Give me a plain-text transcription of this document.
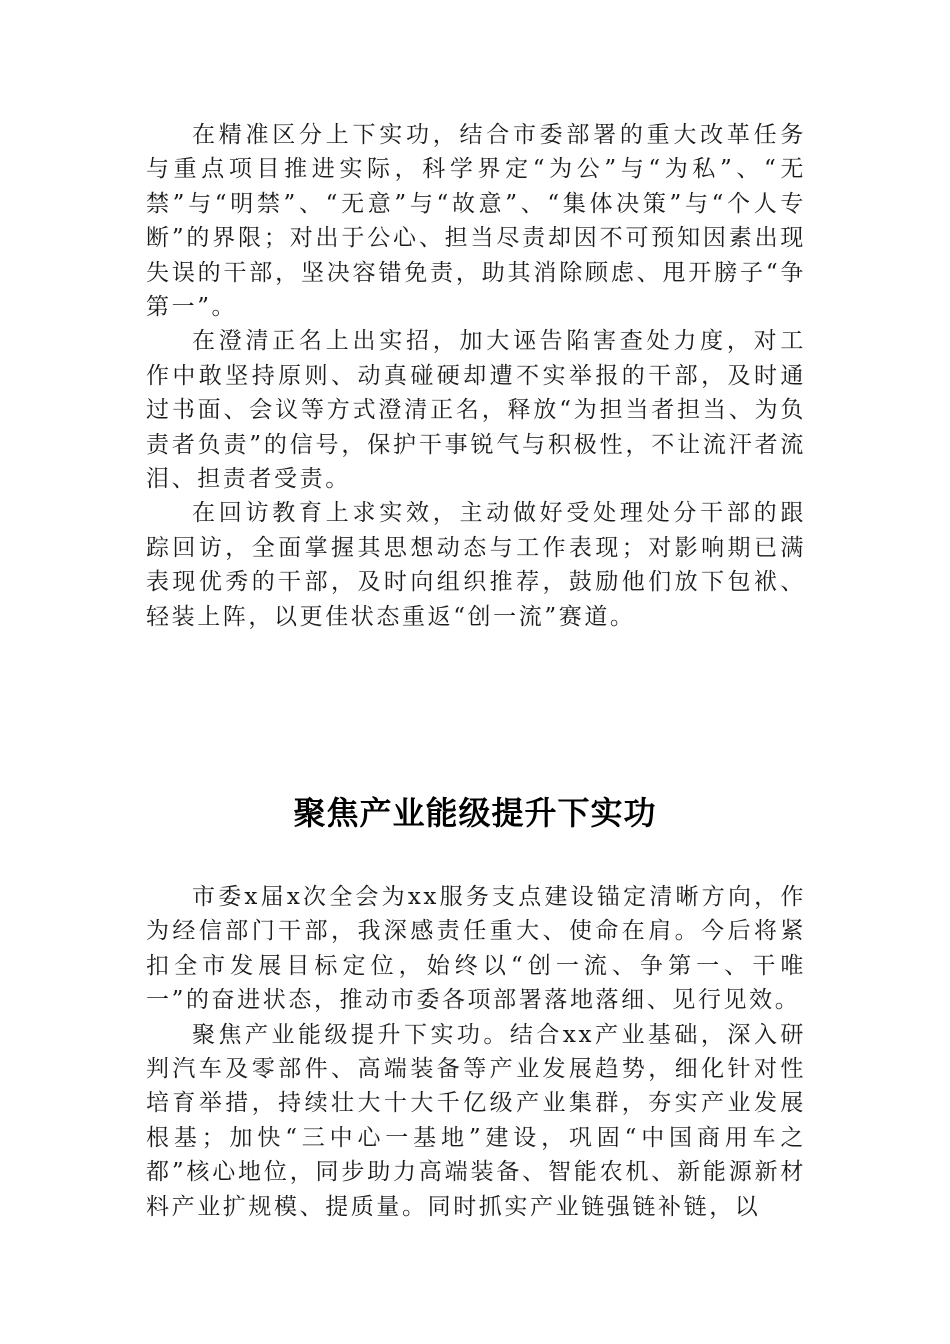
在精准区分上下实功，结合市委部署的重大改革任务与重点项目推进实际，科学界定“为公”与“为私”、“无禁”与“明禁”、“无意”与“故意”、“集体决策”与“个人专断”的界限；对出于公心、担当尽责却因不可预知因素出现失误的干部，坚决容错免责，助其消除顾虑、甩开膀子“争第一”。

在澄清正名上出实招，加大诬告陷害查处力度，对工作中敢坚持原则、动真碰硬却遭不实举报的干部，及时通过书面、会议等方式澄清正名，释放“为担当者担当、为负责者负责”的信号，保护干事锐气与积极性，不让流汗者流泪、担责者受责。

在回访教育上求实效，主动做好受处理处分干部的跟踪回访，全面掌握其思想动态与工作表现；对影响期已满表现优秀的干部，及时向组织推荐，鼓励他们放下包袱、轻装上阵，以更佳状态重返“创一流”赛道。

聚焦产业能级提升下实功

市委x届x次全会为xx服务支点建设锚定清晰方向，作为经信部门干部，我深感责任重大、使命在肩。今后将紧扣全市发展目标定位，始终以“创一流、争第一、干唯一”的奋进状态，推动市委各项部署落地落细、见行见效。

聚焦产业能级提升下实功。结合xx产业基础，深入研判汽车及零部件、高端装备等产业发展趋势，细化针对性培育举措，持续壮大十大千亿级产业集群，夯实产业发展根基；加快“三中心一基地”建设，巩固“中国商用车之都”核心地位，同步助力高端装备、智能农机、新能源新材料产业扩规模、提质量。同时抓实产业链强链补链，以
